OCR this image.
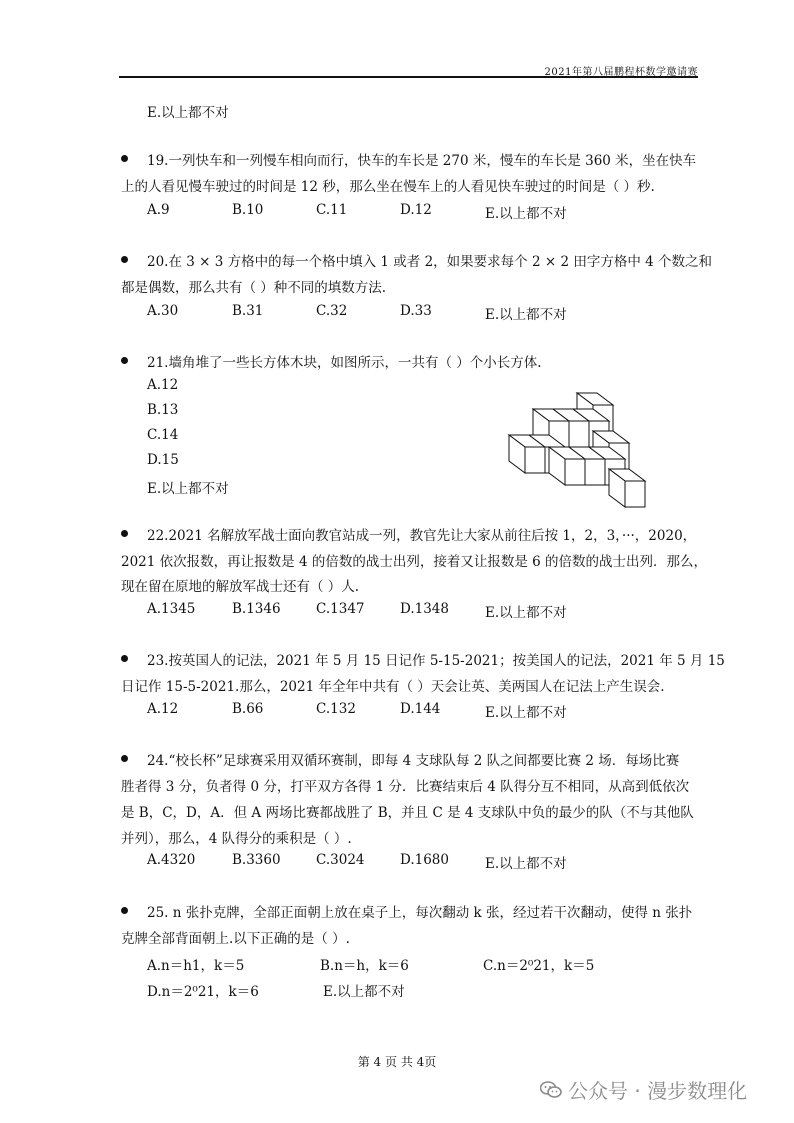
2021年第八届鹏程杯数学邀请赛
E.以上都不对
19.一列快车和一列慢车相向而行，快车的车长是 270 米，慢车的车长是 360 米，坐在快车
上的人看见慢车驶过的时间是 12 秒，那么坐在慢车上的人看见快车驶过的时间是（ ）秒.
A.9	B.10	C.11	D.12	E.以上都不对
20.在 3 × 3 方格中的每一个格中填入 1 或者 2，如果要求每个 2 × 2 田字方格中 4 个数之和
都是偶数，那么共有（ ）种不同的填数方法.
A.30	B.31	C.32	D.33	E.以上都不对
21.墙角堆了一些长方体木块，如图所示，一共有（ ）个小长方体.
A.12
B.13
C.14
D.15
E.以上都不对
22.2021 名解放军战士面向教官站成一列，教官先让大家从前往后按 1，2，3，···，2020，
2021 依次报数，再让报数是 4 的倍数的战士出列，接着又让报数是 6 的倍数的战士出列．那么，
现在留在原地的解放军战士还有（ ）人.
A.1345	B.1346	C.1347	D.1348	E.以上都不对
23.按英国人的记法，2021 年 5 月 15 日记作 5-15-2021；按美国人的记法，2021 年 5 月 15
日记作 15-5-2021.那么，2021 年全年中共有（ ）天会让英、美两国人在记法上产生误会.
A.12	B.66	C.132	D.144	E.以上都不对
24.“校长杯”足球赛采用双循环赛制，即每 4 支球队每 2 队之间都要比赛 2 场．每场比赛
胜者得 3 分，负者得 0 分，打平双方各得 1 分．比赛结束后 4 队得分互不相同，从高到低依次
是 B，C，D，A．但 A 两场比赛都战胜了 B，并且 C 是 4 支球队中负的最少的队（不与其他队
并列），那么，4 队得分的乘积是（ ）.
A.4320	B.3360	C.3024	D.1680	E.以上都不对
25. n 张扑克牌，全部正面朝上放在桌子上，每次翻动 k 张，经过若干次翻动，使得 n 张扑
克牌全部背面朝上.以下正确的是（ ）.
A.n＝h1，k＝5	B.n＝h，k＝6	C.n＝2⁰21，k＝5
D.n＝2⁰21，k＝6	E.以上都不对
第 4 页 共 4页
公众号 · 漫步数理化
